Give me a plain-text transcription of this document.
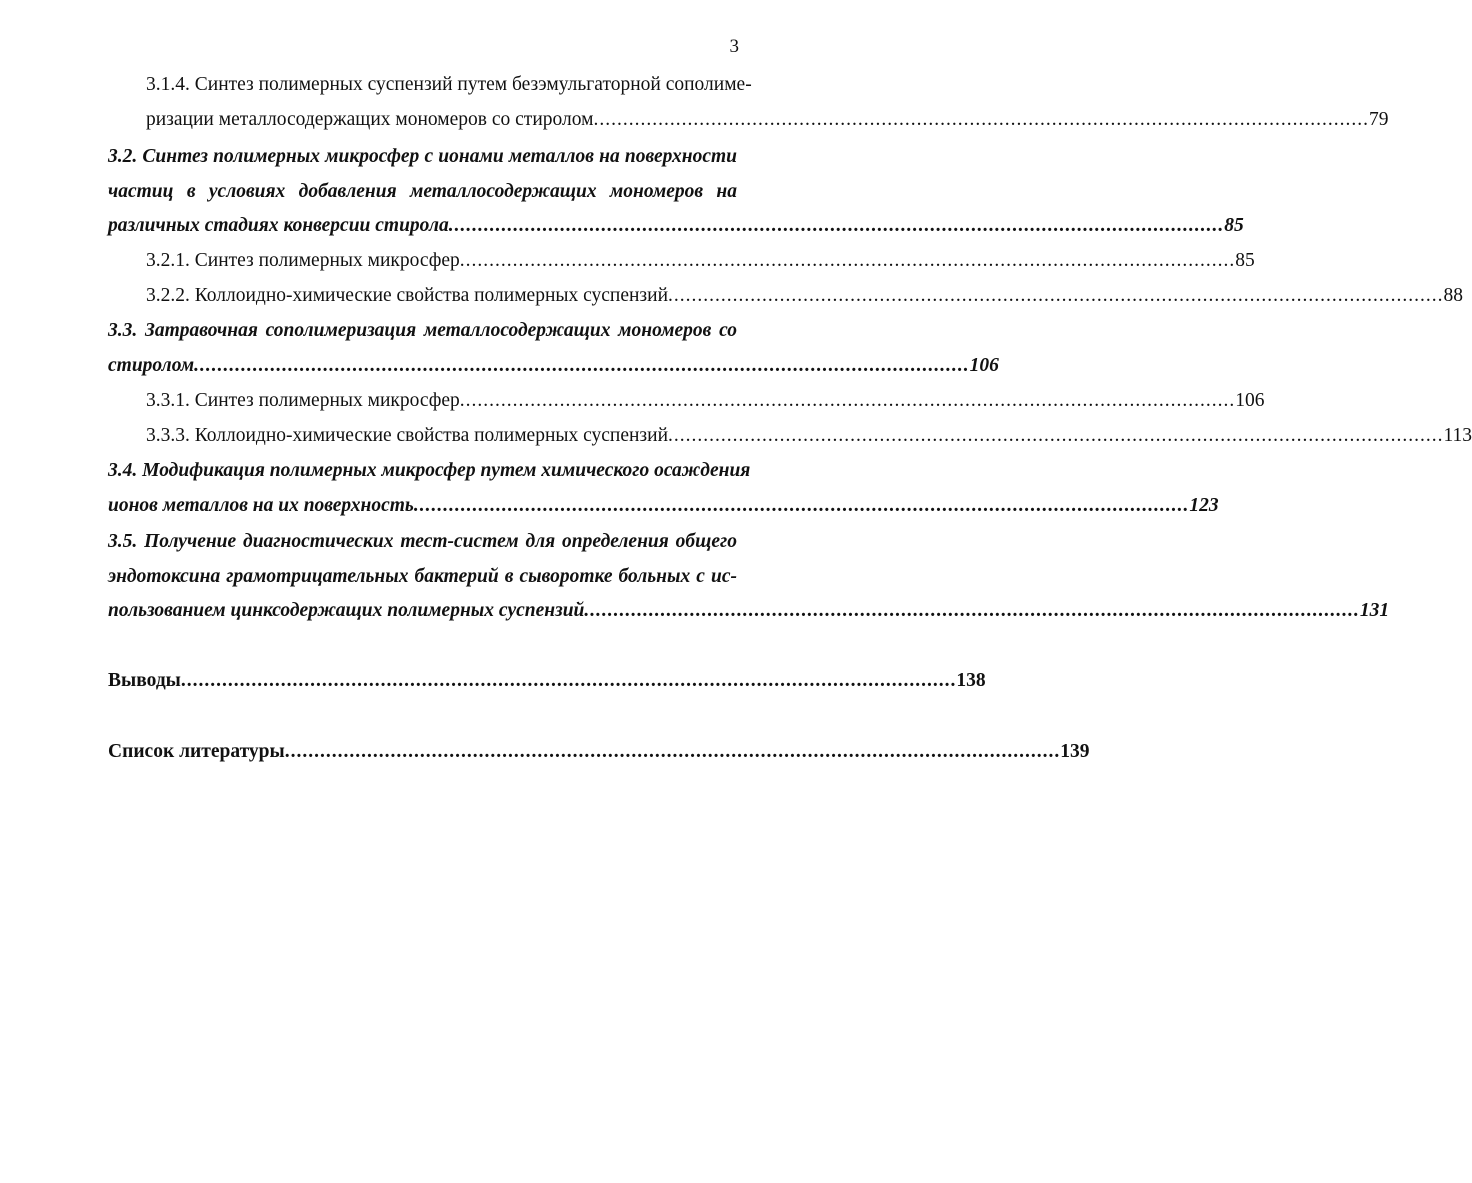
3
3.1.4. Синтез полимерных суспензий путем безэмульгаторной сополиме-
ризации металлосодержащих мономеров со стиролом .................................................................................................................................... 79
3.2. Синтез полимерных микросфер с ионами металлов на поверхности
частиц в условиях добавления металлосодержащих мономеров на
различных стадиях конверсии стирола .................................................................................................................................... 85
3.2.1. Синтез полимерных микросфер .................................................................................................................................... 85
3.2.2. Коллоидно-химические свойства полимерных суспензий .................................................................................................................................... 88
3.3. Затравочная сополимеризация металлосодержащих мономеров со
стиролом .................................................................................................................................... 106
3.3.1. Синтез полимерных микросфер .................................................................................................................................... 106
3.3.3. Коллоидно-химические свойства полимерных суспензий .................................................................................................................................... 113
3.4. Модификация полимерных микросфер путем химического осаждения
ионов металлов на их поверхность .................................................................................................................................... 123
3.5. Получение диагностических тест-систем для определения общего
эндотоксина грамотрицательных бактерий в сыворотке больных с ис-
пользованием цинксодержащих полимерных суспензий .................................................................................................................................... 131
Выводы .................................................................................................................................... 138
Список литературы .................................................................................................................................... 139
